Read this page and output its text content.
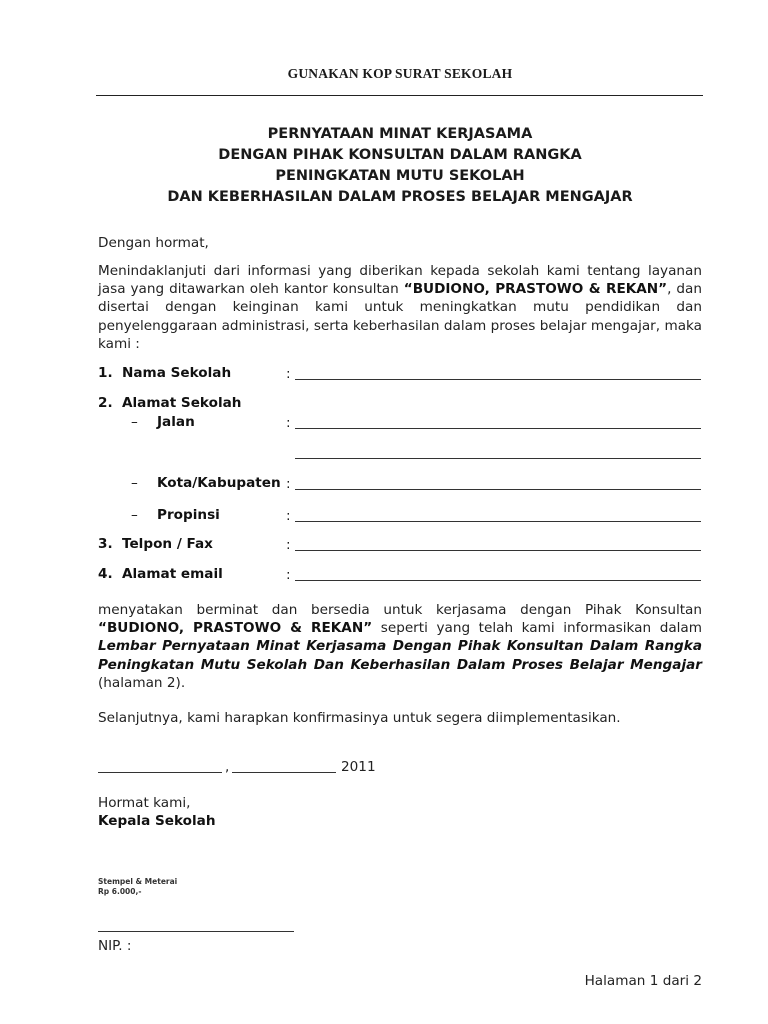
GUNAKAN KOP SURAT SEKOLAH
PERNYATAAN MINAT KERJASAMA
DENGAN PIHAK KONSULTAN DALAM RANGKA
PENINGKATAN MUTU SEKOLAH
DAN KEBERHASILAN DALAM PROSES BELAJAR MENGAJAR
Dengan hormat,
Menindaklanjuti dari informasi yang diberikan kepada sekolah kami tentang layanan jasa yang ditawarkan oleh kantor konsultan “BUDIONO, PRASTOWO & REKAN”, dan disertai dengan keinginan kami untuk meningkatkan mutu pendidikan dan penyelenggaraan administrasi, serta keberhasilan dalam proses belajar mengajar, maka kami :
1. Nama Sekolah	:
2. Alamat Sekolah
– Jalan	:
– Kota/Kabupaten :
– Propinsi	:
3. Telpon / Fax	:
4. Alamat email	:
menyatakan berminat dan bersedia untuk kerjasama dengan Pihak Konsultan “BUDIONO, PRASTOWO & REKAN” seperti yang telah kami informasikan dalam Lembar Pernyataan Minat Kerjasama Dengan Pihak Konsultan Dalam Rangka Peningkatan Mutu Sekolah Dan Keberhasilan Dalam Proses Belajar Mengajar (halaman 2).
Selanjutnya, kami harapkan konfirmasinya untuk segera diimplementasikan.
,	2011
Hormat kami,
Kepala Sekolah
Stempel & Meterai
Rp 6.000,-
NIP. :
Halaman 1 dari 2
